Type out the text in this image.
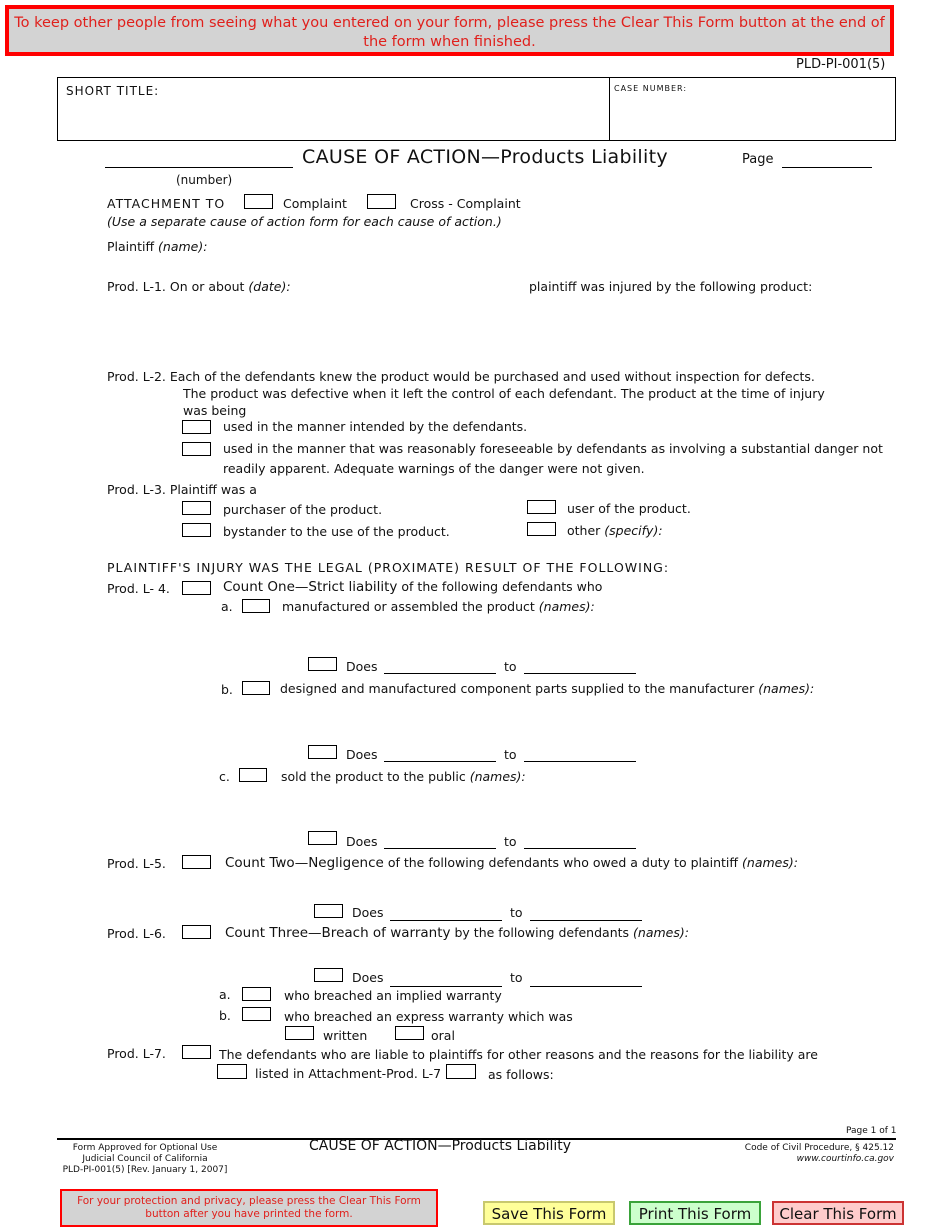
To keep other people from seeing what you entered on your form, please press the Clear This Form button at the end of the form when finished.
PLD-PI-001(5)
SHORT TITLE:	CASE NUMBER:
CAUSE OF ACTION—Products Liability	Page
(number)
ATTACHMENT TO	Complaint	Cross - Complaint
(Use a separate cause of action form for each cause of action.)
Plaintiff (name):
Prod. L-1. On or about (date):	plaintiff was injured by the following product:
Prod. L-2. Each of the defendants knew the product would be purchased and used without inspection for defects.
The product was defective when it left the control of each defendant. The product at the time of injury
was being
used in the manner intended by the defendants.
used in the manner that was reasonably foreseeable by defendants as involving a substantial danger not
readily apparent. Adequate warnings of the danger were not given.
Prod. L-3. Plaintiff was a
purchaser of the product.	user of the product.
bystander to the use of the product.	other (specify):
PLAINTIFF'S INJURY WAS THE LEGAL (PROXIMATE) RESULT OF THE FOLLOWING:
Prod. L- 4.	Count One—Strict liability of the following defendants who
a.	manufactured or assembled the product (names):
Does	to
b.	designed and manufactured component parts supplied to the manufacturer (names):
Does	to
c.	sold the product to the public (names):
Does	to
Prod. L-5.	Count Two—Negligence of the following defendants who owed a duty to plaintiff (names):
Does	to
Prod. L-6.	Count Three—Breach of warranty by the following defendants (names):
Does	to
a.	who breached an implied warranty
b.	who breached an express warranty which was
written	oral
Prod. L-7.	The defendants who are liable to plaintiffs for other reasons and the reasons for the liability are
listed in Attachment-Prod. L-7	as follows:
Page 1 of 1
Form Approved for Optional Use
Judicial Council of California
PLD-PI-001(5) [Rev. January 1, 2007]
CAUSE OF ACTION—Products Liability	Code of Civil Procedure, § 425.12
www.courtinfo.ca.gov
For your protection and privacy, please press the Clear This Form button after you have printed the form.	Save This Form	Print This Form	Clear This Form
